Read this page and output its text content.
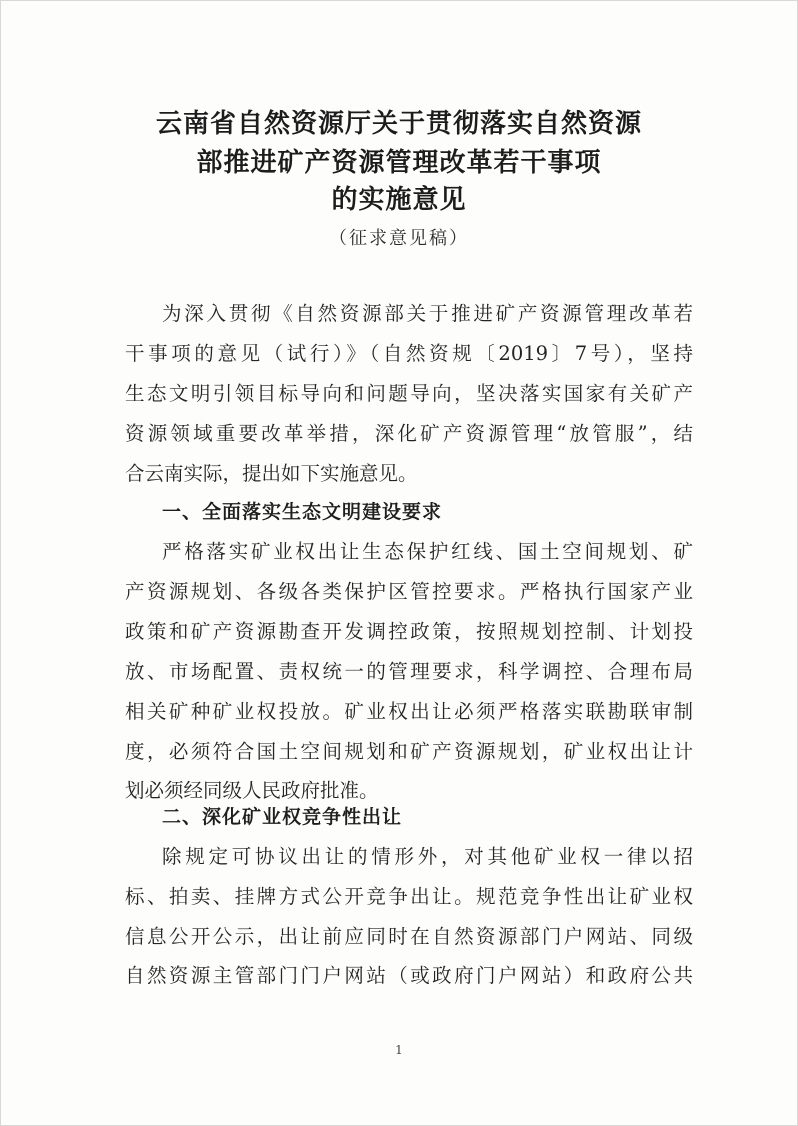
云南省自然资源厅关于贯彻落实自然资源
部推进矿产资源管理改革若干事项
的实施意见
（征求意见稿）
为深入贯彻《自然资源部关于推进矿产资源管理改革若
干事项的意见（试行）》（自然资规〔2019〕7号），坚持
生态文明引领目标导向和问题导向，坚决落实国家有关矿产
资源领域重要改革举措，深化矿产资源管理“放管服”，结
合云南实际，提出如下实施意见。
一、全面落实生态文明建设要求
严格落实矿业权出让生态保护红线、国土空间规划、矿
产资源规划、各级各类保护区管控要求。严格执行国家产业
政策和矿产资源勘查开发调控政策，按照规划控制、计划投
放、市场配置、责权统一的管理要求，科学调控、合理布局
相关矿种矿业权投放。矿业权出让必须严格落实联勘联审制
度，必须符合国土空间规划和矿产资源规划，矿业权出让计
划必须经同级人民政府批准。
二、深化矿业权竞争性出让
除规定可协议出让的情形外，对其他矿业权一律以招
标、拍卖、挂牌方式公开竞争出让。规范竞争性出让矿业权
信息公开公示，出让前应同时在自然资源部门户网站、同级
自然资源主管部门门户网站（或政府门户网站）和政府公共
1
